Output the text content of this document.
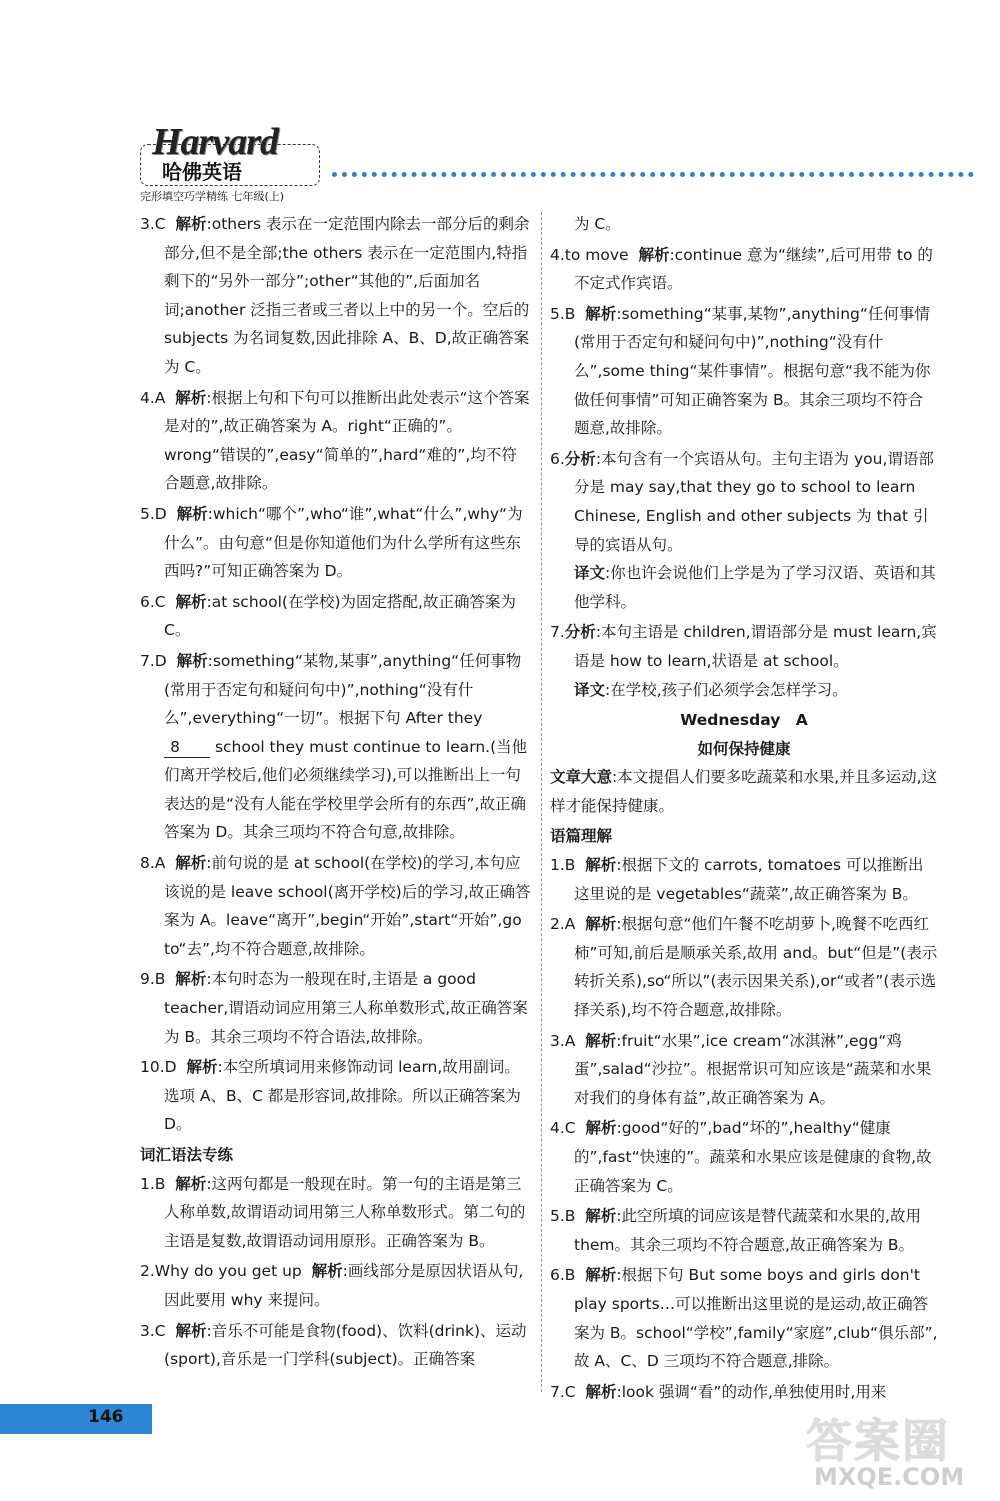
Harvard
哈佛英语
完形填空巧学精练 七年级(上)
3.C 解析:others 表示在一定范围内除去一部分后的剩余部分,但不是全部;the others 表示在一定范围内,特指剩下的“另外一部分”;other“其他的”,后面加名词;another 泛指三者或三者以上中的另一个。空后的 subjects 为名词复数,因此排除 A、B、D,故正确答案为 C。
4.A 解析:根据上句和下句可以推断出此处表示“这个答案是对的”,故正确答案为 A。right“正确的”。wrong“错误的”,easy“简单的”,hard“难的”,均不符合题意,故排除。
5.D 解析:which“哪个”,who“谁”,what“什么”,why“为什么”。由句意“但是你知道他们为什么学所有这些东西吗?”可知正确答案为 D。
6.C 解析:at school(在学校)为固定搭配,故正确答案为 C。
7.D 解析:something“某物,某事”,anything“任何事物(常用于否定句和疑问句中)”,nothing“没有什么”,everything“一切”。根据下句 After they 8 school they must continue to learn.(当他们离开学校后,他们必须继续学习),可以推断出上一句表达的是“没有人能在学校里学会所有的东西”,故正确答案为 D。其余三项均不符合句意,故排除。
8.A 解析:前句说的是 at school(在学校)的学习,本句应该说的是 leave school(离开学校)后的学习,故正确答案为 A。leave“离开”,begin“开始”,start“开始”,go to“去”,均不符合题意,故排除。
9.B 解析:本句时态为一般现在时,主语是 a good teacher,谓语动词应用第三人称单数形式,故正确答案为 B。其余三项均不符合语法,故排除。
10.D 解析:本空所填词用来修饰动词 learn,故用副词。选项 A、B、C 都是形容词,故排除。所以正确答案为 D。
词汇语法专练
1.B 解析:这两句都是一般现在时。第一句的主语是第三人称单数,故谓语动词用第三人称单数形式。第二句的主语是复数,故谓语动词用原形。正确答案为 B。
2.Why do you get up 解析:画线部分是原因状语从句,因此要用 why 来提问。
3.C 解析:音乐不可能是食物(food)、饮料(drink)、运动(sport),音乐是一门学科(subject)。正确答案
为 C。
4.to move 解析:continue 意为“继续”,后可用带 to 的不定式作宾语。
5.B 解析:something“某事,某物”,anything“任何事情(常用于否定句和疑问句中)”,nothing“没有什么”,some thing“某件事情”。根据句意“我不能为你做任何事情”可知正确答案为 B。其余三项均不符合题意,故排除。

6.分析:本句含有一个宾语从句。主句主语为 you,谓语部分是 may say,that they go to school to learn Chinese, English and other subjects 为 that 引导的宾语从句。

译文:你也许会说他们上学是为了学习汉语、英语和其他学科。

7.分析:本句主语是 children,谓语部分是 must learn,宾语是 how to learn,状语是 at school。

译文:在学校,孩子们必须学会怎样学习。

Wednesday　A
如何保持健康
文章大意:本文提倡人们要多吃蔬菜和水果,并且多运动,这样才能保持健康。
语篇理解
1.B 解析:根据下文的 carrots, tomatoes 可以推断出这里说的是 vegetables“蔬菜”,故正确答案为 B。
2.A 解析:根据句意“他们午餐不吃胡萝卜,晚餐不吃西红柿”可知,前后是顺承关系,故用 and。but“但是”(表示转折关系),so“所以”(表示因果关系),or“或者”(表示选择关系),均不符合题意,故排除。
3.A 解析:fruit“水果”,ice cream“冰淇淋”,egg“鸡蛋”,salad“沙拉”。根据常识可知应该是“蔬菜和水果对我们的身体有益”,故正确答案为 A。
4.C 解析:good“好的”,bad“坏的”,healthy“健康的”,fast“快速的”。蔬菜和水果应该是健康的食物,故正确答案为 C。
5.B 解析:此空所填的词应该是替代蔬菜和水果的,故用 them。其余三项均不符合题意,故正确答案为 B。
6.B 解析:根据下句 But some boys and girls don't play sports…可以推断出这里说的是运动,故正确答案为 B。school“学校”,family“家庭”,club“俱乐部”,故 A、C、D 三项均不符合题意,排除。
7.C 解析:look 强调“看”的动作,单独使用时,用来
146	答案圈
MXQE.COM
